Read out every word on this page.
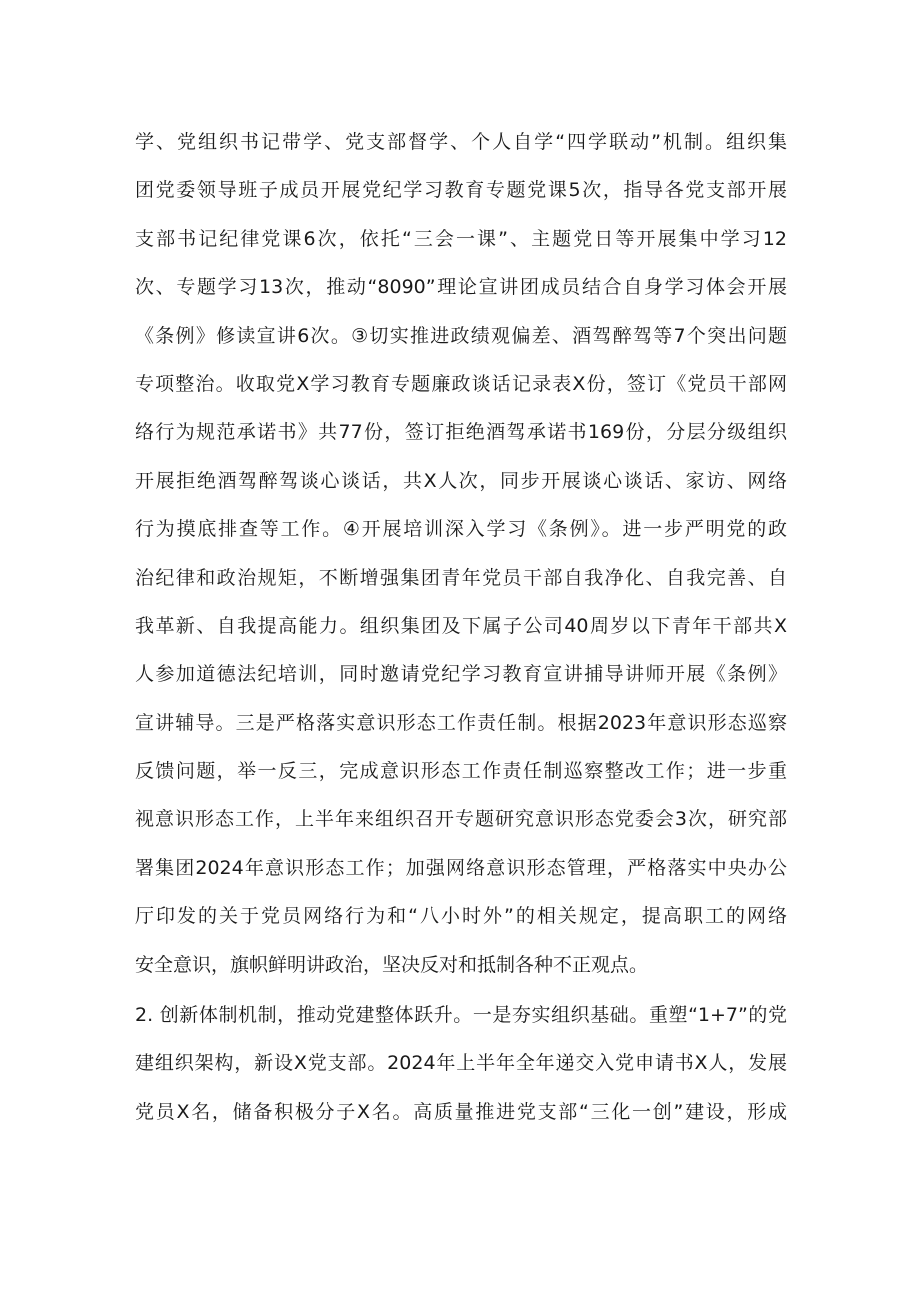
学、党组织书记带学、党支部督学、个人自学“四学联动”机制。组织集
团党委领导班子成员开展党纪学习教育专题党课5次，指导各党支部开展
支部书记纪律党课6次，依托“三会一课”、主题党日等开展集中学习12
次、专题学习13次，推动“8090”理论宣讲团成员结合自身学习体会开展
《条例》修读宣讲6次。③切实推进政绩观偏差、酒驾醉驾等7个突出问题
专项整治。收取党X学习教育专题廉政谈话记录表X份，签订《党员干部网
络行为规范承诺书》共77份，签订拒绝酒驾承诺书169份，分层分级组织
开展拒绝酒驾醉驾谈心谈话，共X人次，同步开展谈心谈话、家访、网络
行为摸底排查等工作。④开展培训深入学习《条例》。进一步严明党的政
治纪律和政治规矩，不断增强集团青年党员干部自我净化、自我完善、自
我革新、自我提高能力。组织集团及下属子公司40周岁以下青年干部共X
人参加道德法纪培训，同时邀请党纪学习教育宣讲捕导讲师开展《条例》
宣讲辅导。三是严格落实意识形态工作责任制。根据2023年意识形态巡察
反馈问题，举一反三，完成意识形态工作责任制巡察整改工作；进一步重
视意识形态工作，上半年来组织召开专题研究意识形态党委会3次，研究部
署集团2024年意识形态工作；加强网络意识形态管理，严格落实中央办公
厅印发的关于党员网络行为和“八小时外”的相关规定，提高职工的网络
安全意识，旗帜鲜明讲政治，坚决反对和抵制各种不正观点。
2. 创新体制机制，推动党建整体跃升。一是夯实组织基础。重塑“1+7”的党
建组织架构，新设X党支部。2024年上半年全年递交入党申请书X人，发展
党员X名，储备积极分子X名。高质量推进党支部“三化一创”建设，形成
